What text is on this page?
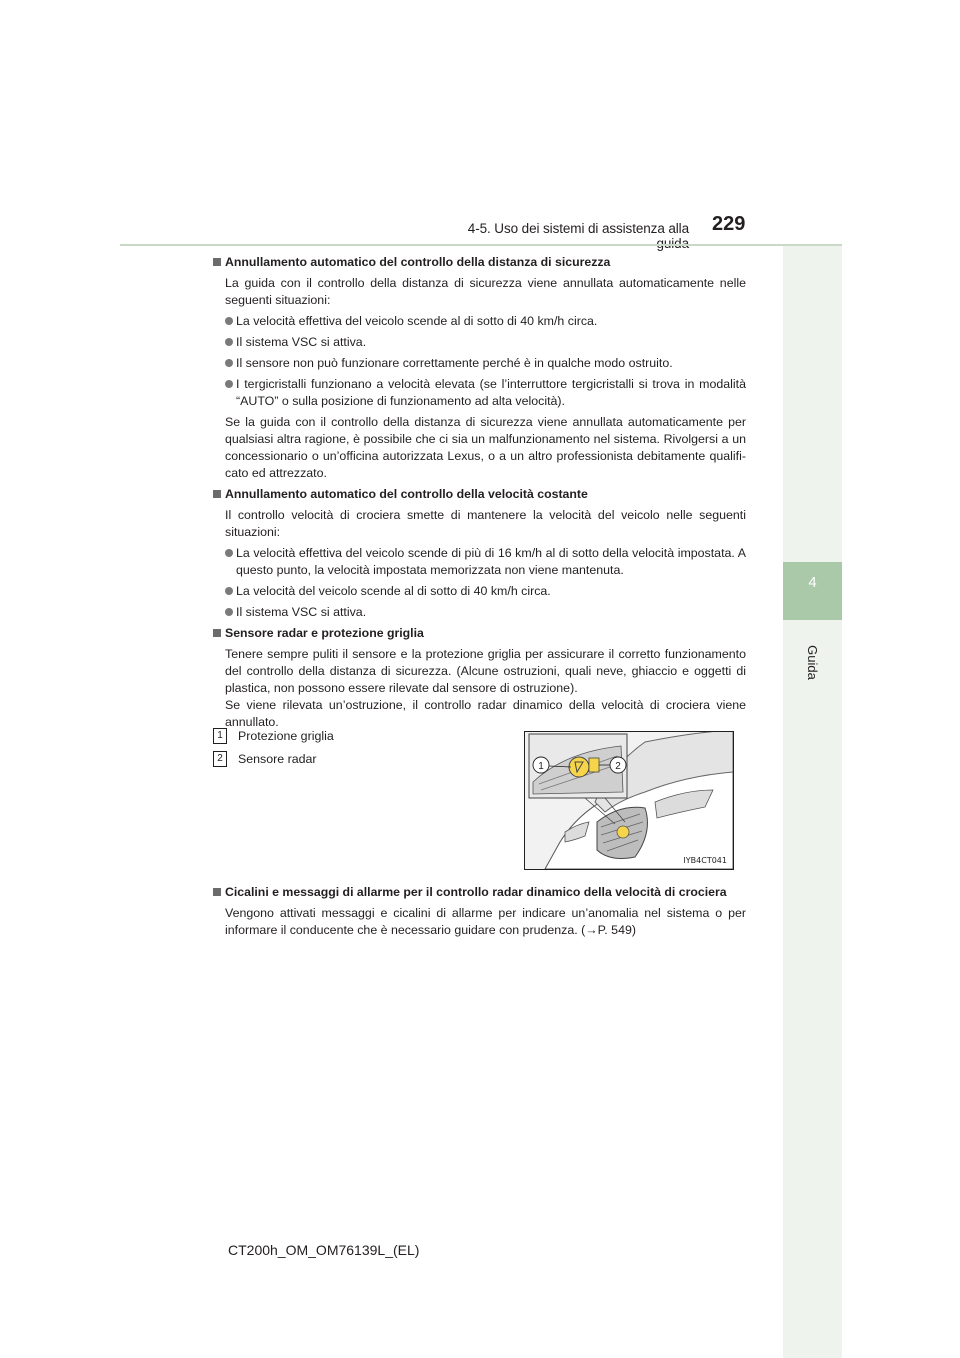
4-5. Uso dei sistemi di assistenza alla 229
4
Guida
Annullamento automatico del controllo della distanza di sicurezza
La guida con il controllo della distanza di sicurezza viene annullata automaticamente nelle seguenti situazioni:
La velocità effettiva del veicolo scende al di sotto di 40 km/h circa.
Il sistema VSC si attiva.
Il sensore non può funzionare correttamente perché è in qualche modo ostruito.
I tergicristalli funzionano a velocità elevata (se l’interruttore tergicristalli si trova in modalità “AUTO” o sulla posizione di funzionamento ad alta velocità).
Se la guida con il controllo della distanza di sicurezza viene annullata automaticamente per qualsiasi altra ragione, è possibile che ci sia un malfunzionamento nel sistema. Rivolgersi a un concessionario o un’officina autorizzata Lexus, o a un altro professionista debitamente qualifi-cato ed attrezzato.
Annullamento automatico del controllo della velocità costante
Il controllo velocità di crociera smette di mantenere la velocità del veicolo nelle seguenti situazioni:
La velocità effettiva del veicolo scende di più di 16 km/h al di sotto della velocità impostata. A questo punto, la velocità impostata memorizzata non viene mantenuta.
La velocità del veicolo scende al di sotto di 40 km/h circa.
Il sistema VSC si attiva.
Sensore radar e protezione griglia
Tenere sempre puliti il sensore e la protezione griglia per assicurare il corretto funzionamento del controllo della distanza di sicurezza. (Alcune ostruzioni, quali neve, ghiaccio e oggetti di plastica, non possono essere rilevate dal sensore di ostruzione).
Se viene rilevata un’ostruzione, il controllo radar dinamico della velocità di crociera viene annullato.
1	Protezione griglia
2	Sensore radar
1	2
IYB4CT041
Cicalini e messaggi di allarme per il controllo radar dinamico della velocità di crociera
Vengono attivati messaggi e cicalini di allarme per indicare un’anomalia nel sistema o per informare il conducente che è necessario guidare con prudenza. (→P. 549)
CT200h_OM_OM76139L_(EL)
